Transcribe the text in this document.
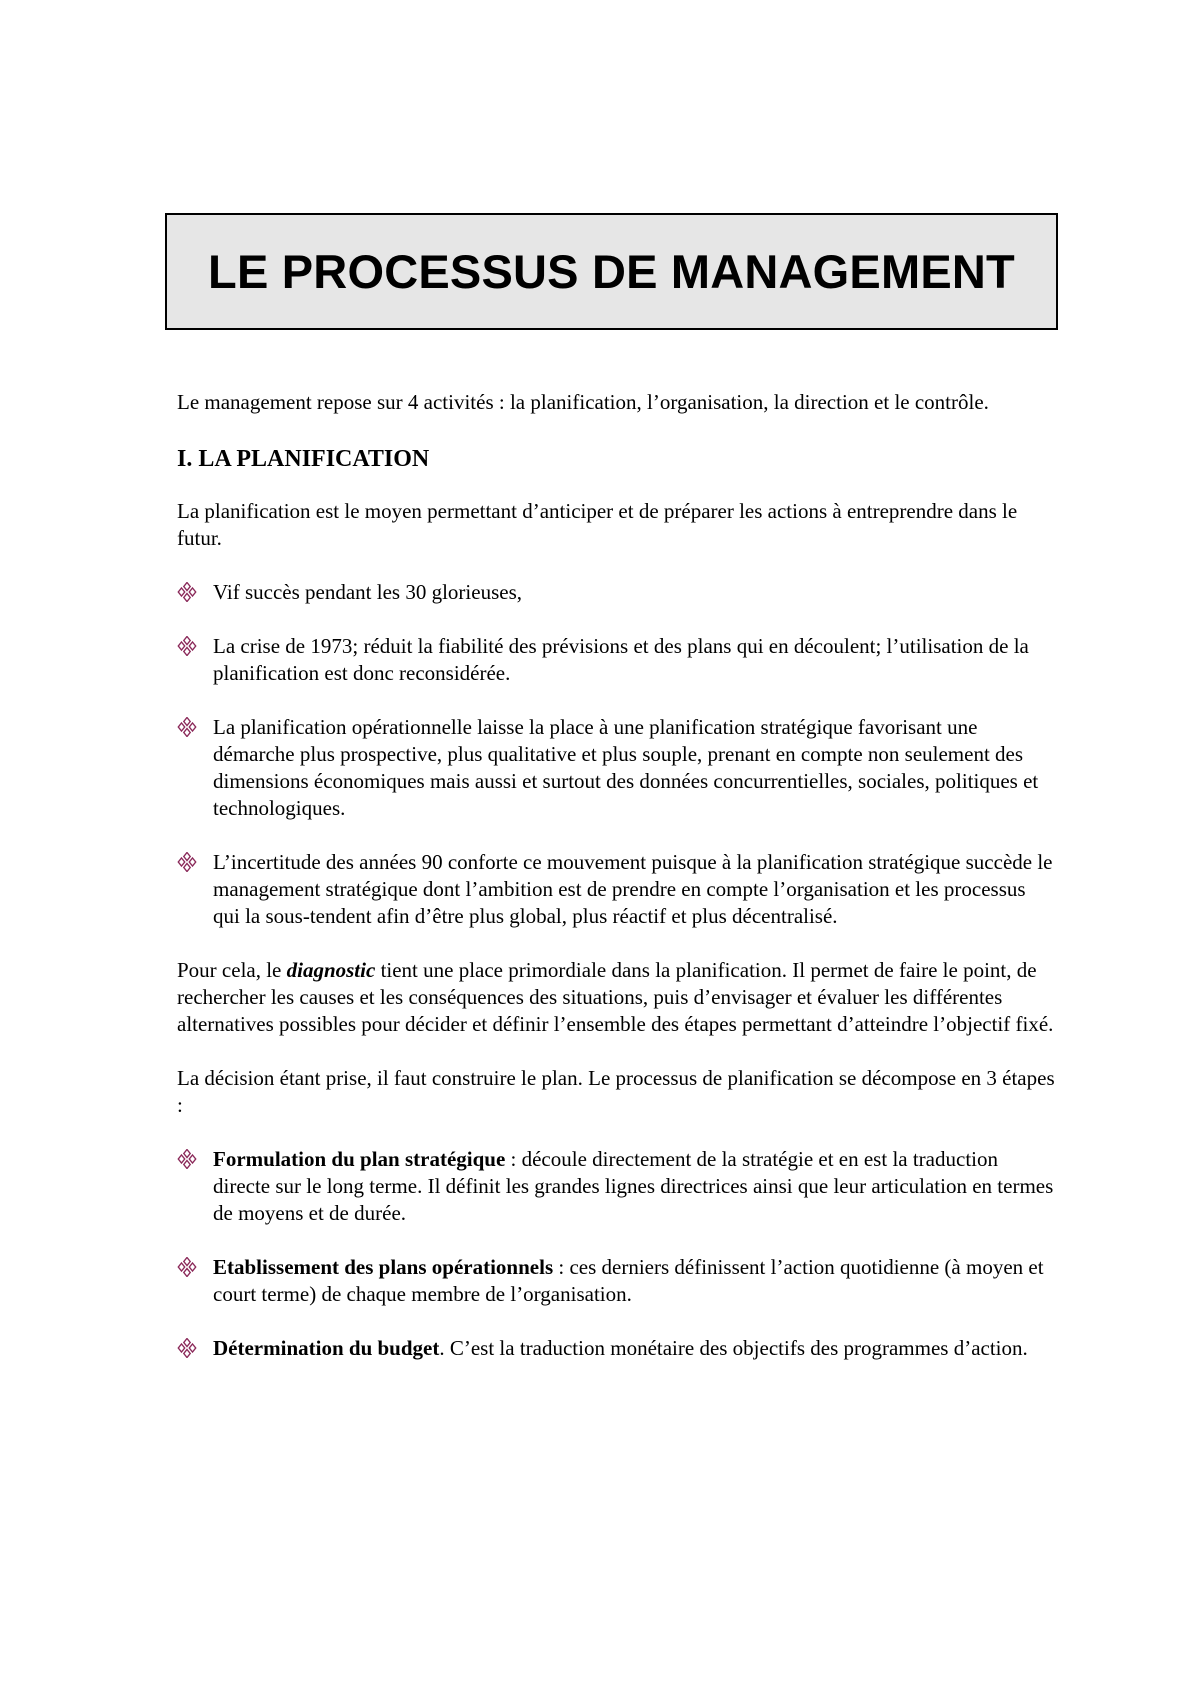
LE PROCESSUS DE MANAGEMENT

Le management repose sur 4 activités : la planification, l’organisation, la direction et le contrôle.

I. LA PLANIFICATION

La planification est le moyen permettant d’anticiper et de préparer les actions à entreprendre dans le futur.

Vif succès pendant les 30 glorieuses,
La crise de 1973; réduit la fiabilité des prévisions et des plans qui en découlent; l’utilisation de la planification est donc reconsidérée.
La planification opérationnelle laisse la place à une planification stratégique favorisant une démarche plus prospective, plus qualitative et plus souple, prenant en compte non seulement des dimensions économiques mais aussi et surtout des données concurrentielles, sociales, politiques et technologiques.
L’incertitude des années 90 conforte ce mouvement puisque à la planification stratégique succède le management stratégique dont l’ambition est de prendre en compte l’organisation et les processus qui la sous-tendent afin d’être plus global, plus réactif et plus décentralisé.

Pour cela, le diagnostic tient une place primordiale dans la planification. Il permet de faire le point, de rechercher les causes et les conséquences des situations, puis d’envisager et évaluer les différentes alternatives possibles pour décider et définir l’ensemble des étapes permettant d’atteindre l’objectif fixé.

La décision étant prise, il faut construire le plan. Le processus de planification se décompose en 3 étapes :

Formulation du plan stratégique : découle directement de la stratégie et en est la traduction directe sur le long terme. Il définit les grandes lignes directrices ainsi que leur articulation en termes de moyens et de durée.
Etablissement des plans opérationnels : ces derniers définissent l’action quotidienne (à moyen et court terme) de chaque membre de l’organisation.
Détermination du budget. C’est la traduction monétaire des objectifs des programmes d’action.
